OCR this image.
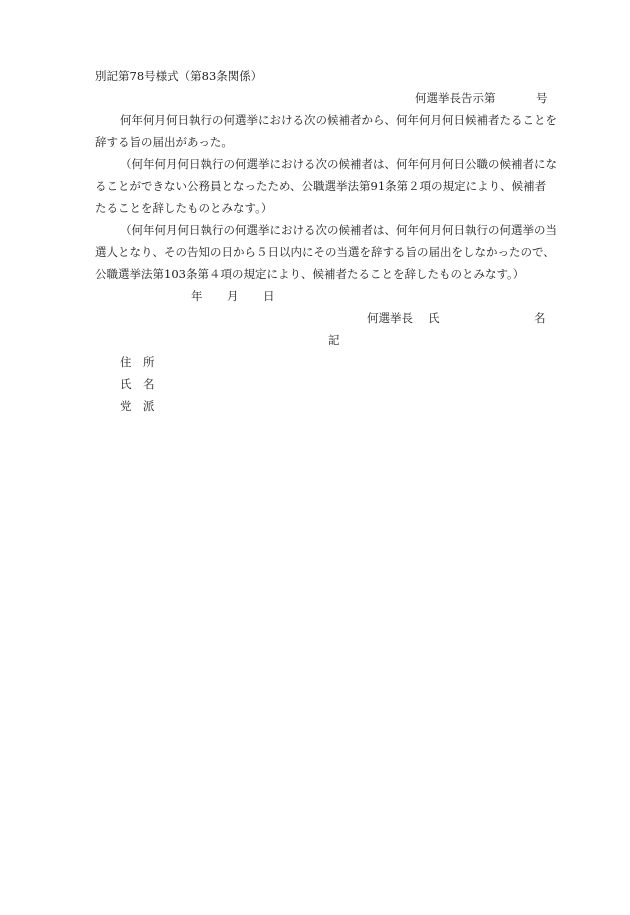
別記第78号様式（第83条関係）
何選挙長告示第	号
何年何月何日執行の何選挙における次の候補者から、何年何月何日候補者たることを
辞する旨の届出があった。
（何年何月何日執行の何選挙における次の候補者は、何年何月何日公職の候補者にな
ることができない公務員となったため、公職選挙法第91条第２項の規定により、候補者
たることを辞したものとみなす。）
（何年何月何日執行の何選挙における次の候補者は、何年何月何日執行の何選挙の当
選人となり、その告知の日から５日以内にその当選を辞する旨の届出をしなかったので、
公職選挙法第103条第４項の規定により、候補者たることを辞したものとみなす。）
年 月 日
何選挙長 氏	名
記
住　所
氏　名
党　派
